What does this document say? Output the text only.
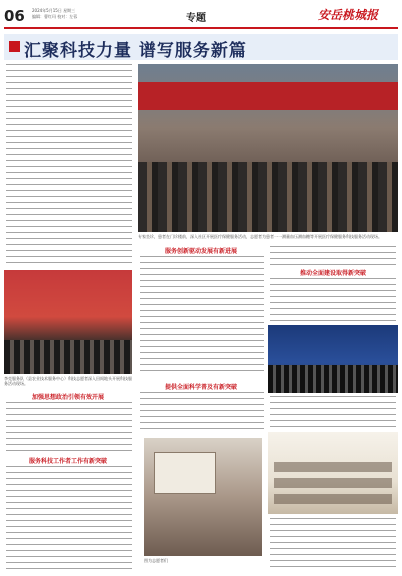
06 2024年5月15日 星期三
编辑：曹红玛 校对：左蓉	专题	安岳桃城报
汇聚科技力量 谱写服务新篇
李克服务队（县农业技术服务中心）科技志愿者深入田间地头开展科技服务活动现场。
加强思想政治引领有效开展
服务科技工作者工作有新突破
专家坐诊，患者在门诊楼前，深入社区开展医疗保健服务活动，志愿者为患者一一测量血压测血糖等开展医疗保健服务科技服务活动现场。
服务创新驱动发展有新进展
提供全面科学普及有新突破
图为志愿者们
推动全面建设取得新突破
